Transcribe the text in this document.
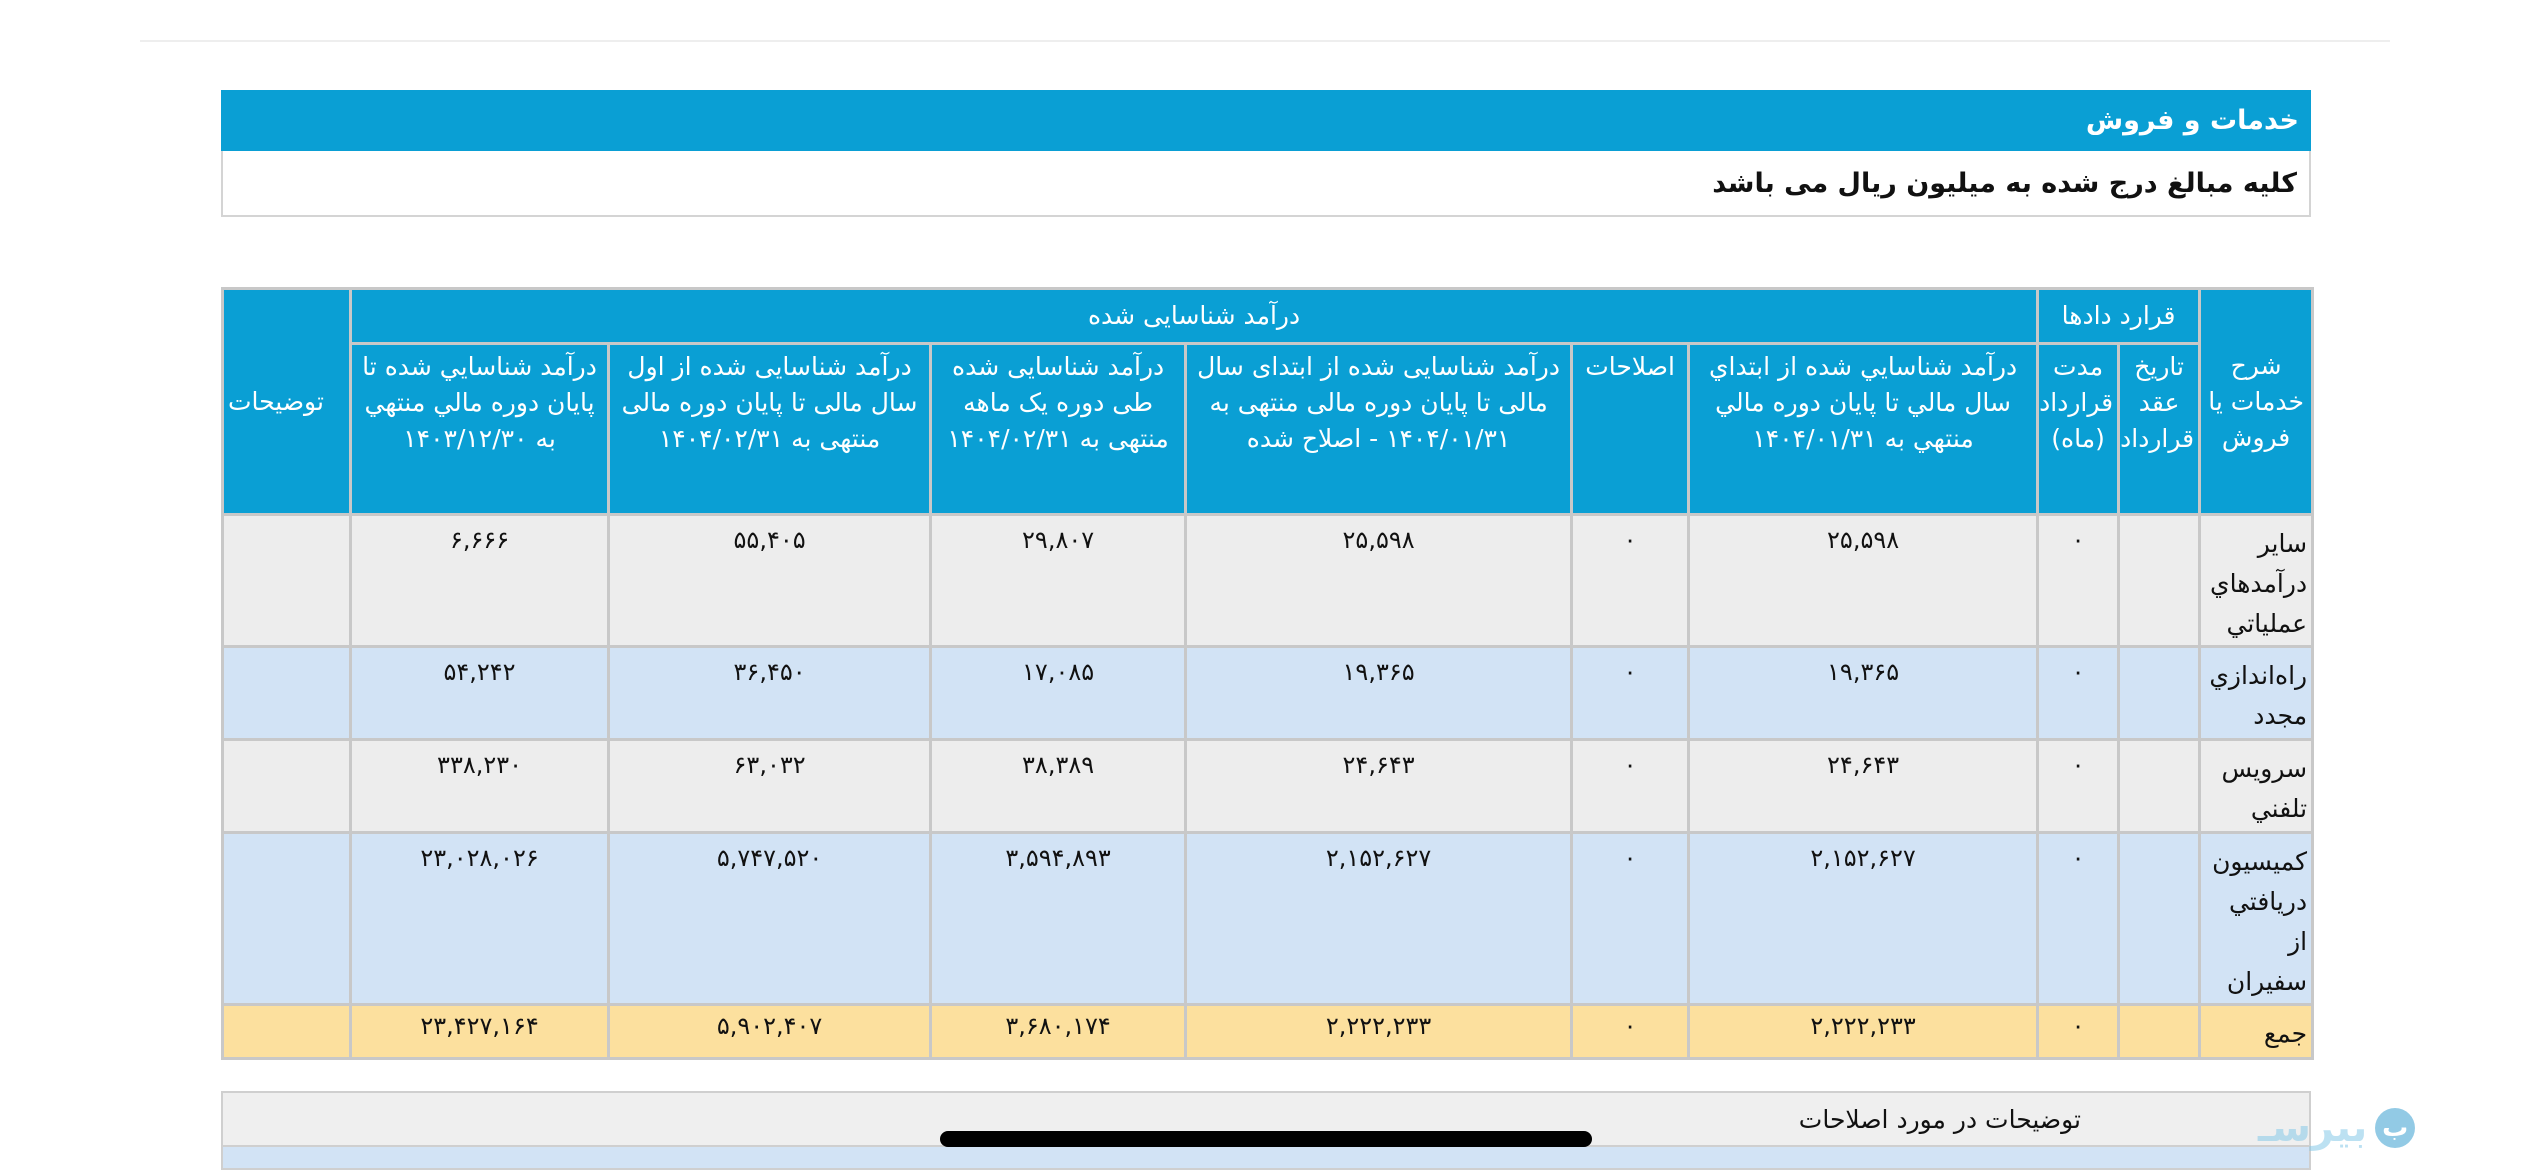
خدمات و فروش
کلیه مبالغ درج شده به میلیون ریال می باشد
شرح خدمات یا فروش	قرارد دادها		درآمد شناسایی شده						توضیحات
	تاریخ عقد قرارداد	مدت قرارداد (ماه)	درآمد شناسايي شده از ابتداي سال مالي تا پايان دوره مالي منتهي به ۱۴۰۴/۰۱/۳۱	اصلاحات	درآمد شناسایی شده از ابتدای سال مالی تا پایان دوره مالی منتهی به ۱۴۰۴/۰۱/۳۱ - اصلاح شده	درآمد شناسایی شده طی دوره یک ماهه منتهی به ۱۴۰۴/۰۲/۳۱	درآمد شناسایی شده از اول سال مالی تا پایان دوره مالی منتهی به ۱۴۰۴/۰۲/۳۱	درآمد شناسايي شده تا پايان دوره مالي منتهي به ۱۴۰۳/۱۲/۳۰	
ساير درآمدهاي عملياتي		۰	۲۵,۵۹۸	۰	۲۵,۵۹۸	۲۹,۸۰۷	۵۵,۴۰۵	۶,۶۶۶	
راه‌اندازي مجدد		۰	۱۹,۳۶۵	۰	۱۹,۳۶۵	۱۷,۰۸۵	۳۶,۴۵۰	۵۴,۲۴۲	
سرويس تلفني		۰	۲۴,۶۴۳	۰	۲۴,۶۴۳	۳۸,۳۸۹	۶۳,۰۳۲	۳۳۸,۲۳۰	
کميسيون دريافتي از سفيران		۰	۲,۱۵۲,۶۲۷	۰	۲,۱۵۲,۶۲۷	۳,۵۹۴,۸۹۳	۵,۷۴۷,۵۲۰	۲۳,۰۲۸,۰۲۶	
جمع		۰	۲,۲۲۲,۲۳۳	۰	۲,۲۲۲,۲۳۳	۳,۶۸۰,۱۷۴	۵,۹۰۲,۴۰۷	۲۳,۴۲۷,۱۶۴	
توضیحات در مورد اصلاحات	بیرسـ ب
